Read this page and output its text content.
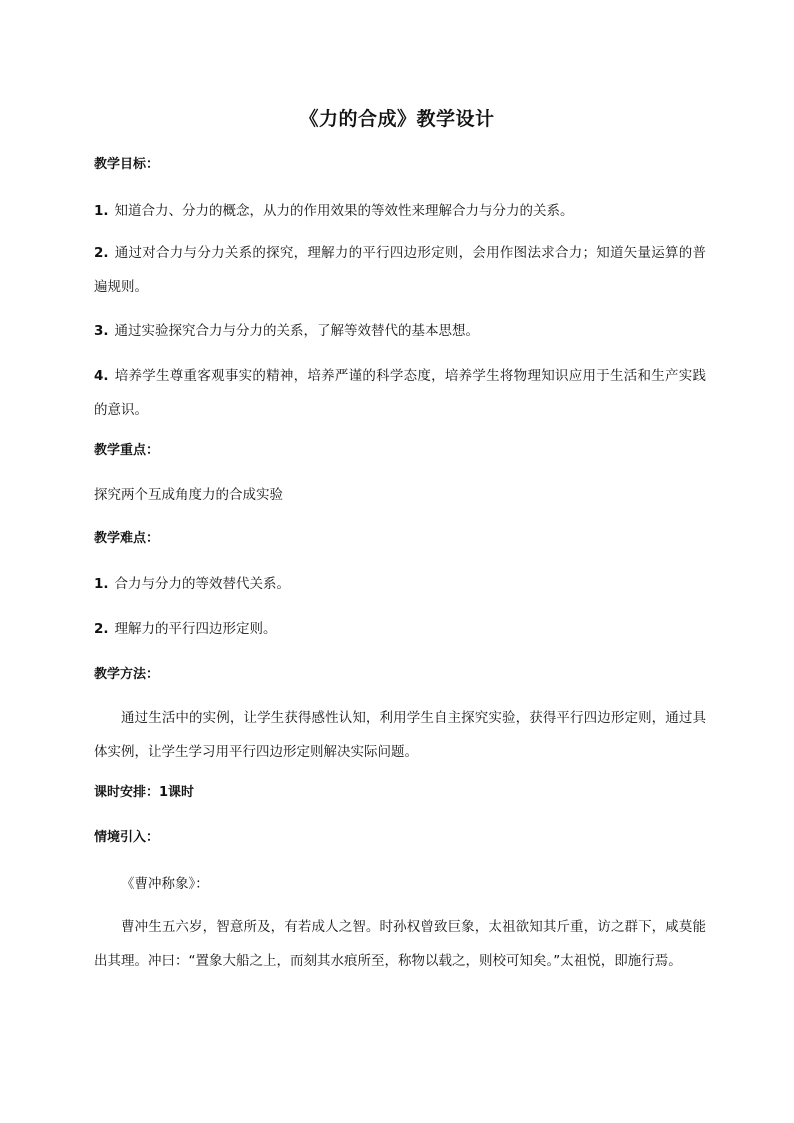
《力的合成》教学设计
教学目标：
1. 知道合力、分力的概念，从力的作用效果的等效性来理解合力与分力的关系。
2. 通过对合力与分力关系的探究，理解力的平行四边形定则，会用作图法求合力；知道矢量运算的普遍规则。
3. 通过实验探究合力与分力的关系，了解等效替代的基本思想。
4. 培养学生尊重客观事实的精神，培养严谨的科学态度，培养学生将物理知识应用于生活和生产实践的意识。
教学重点：
探究两个互成角度力的合成实验
教学难点：
1. 合力与分力的等效替代关系。
2. 理解力的平行四边形定则。
教学方法：
通过生活中的实例，让学生获得感性认知，利用学生自主探究实验，获得平行四边形定则，通过具体实例，让学生学习用平行四边形定则解决实际问题。
课时安排：1课时
情境引入：
《曹冲称象》：
曹冲生五六岁，智意所及，有若成人之智。时孙权曾致巨象，太祖欲知其斤重，访之群下，咸莫能出其理。冲曰：“置象大船之上，而刻其水痕所至，称物以载之，则校可知矣。”太祖悦，即施行焉。
